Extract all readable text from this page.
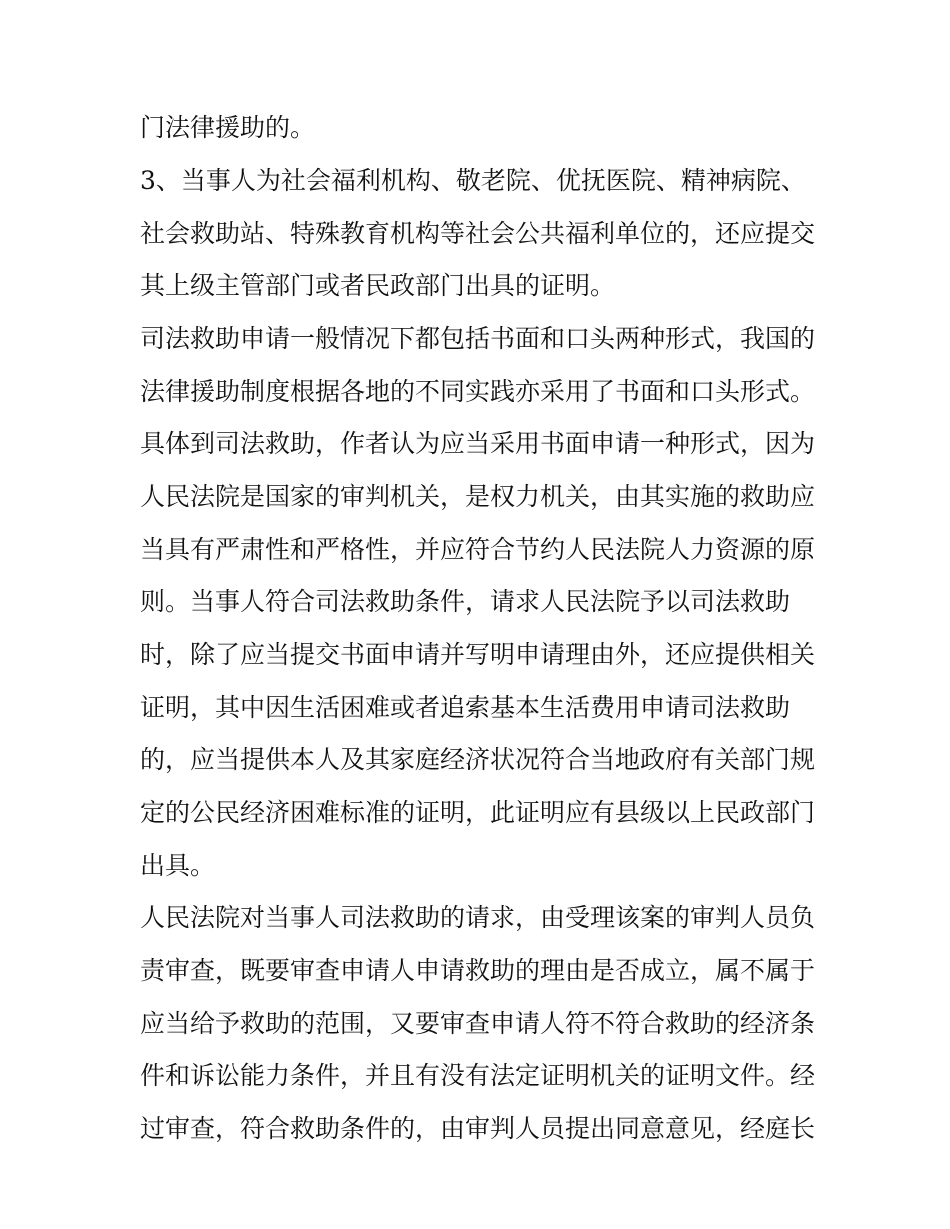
门法律援助的。
3、当事人为社会福利机构、敬老院、优抚医院、精神病院、
社会救助站、特殊教育机构等社会公共福利单位的，还应提交
其上级主管部门或者民政部门出具的证明。
司法救助申请一般情况下都包括书面和口头两种形式，我国的
法律援助制度根据各地的不同实践亦采用了书面和口头形式。
具体到司法救助，作者认为应当采用书面申请一种形式，因为
人民法院是国家的审判机关，是权力机关，由其实施的救助应
当具有严肃性和严格性，并应符合节约人民法院人力资源的原
则。当事人符合司法救助条件，请求人民法院予以司法救助
时，除了应当提交书面申请并写明申请理由外，还应提供相关
证明，其中因生活困难或者追索基本生活费用申请司法救助
的，应当提供本人及其家庭经济状况符合当地政府有关部门规
定的公民经济困难标准的证明，此证明应有县级以上民政部门
出具。
人民法院对当事人司法救助的请求，由受理该案的审判人员负
责审查，既要审查申请人申请救助的理由是否成立，属不属于
应当给予救助的范围，又要审查申请人符不符合救助的经济条
件和诉讼能力条件，并且有没有法定证明机关的证明文件。经
过审查，符合救助条件的，由审判人员提出同意意见，经庭长
